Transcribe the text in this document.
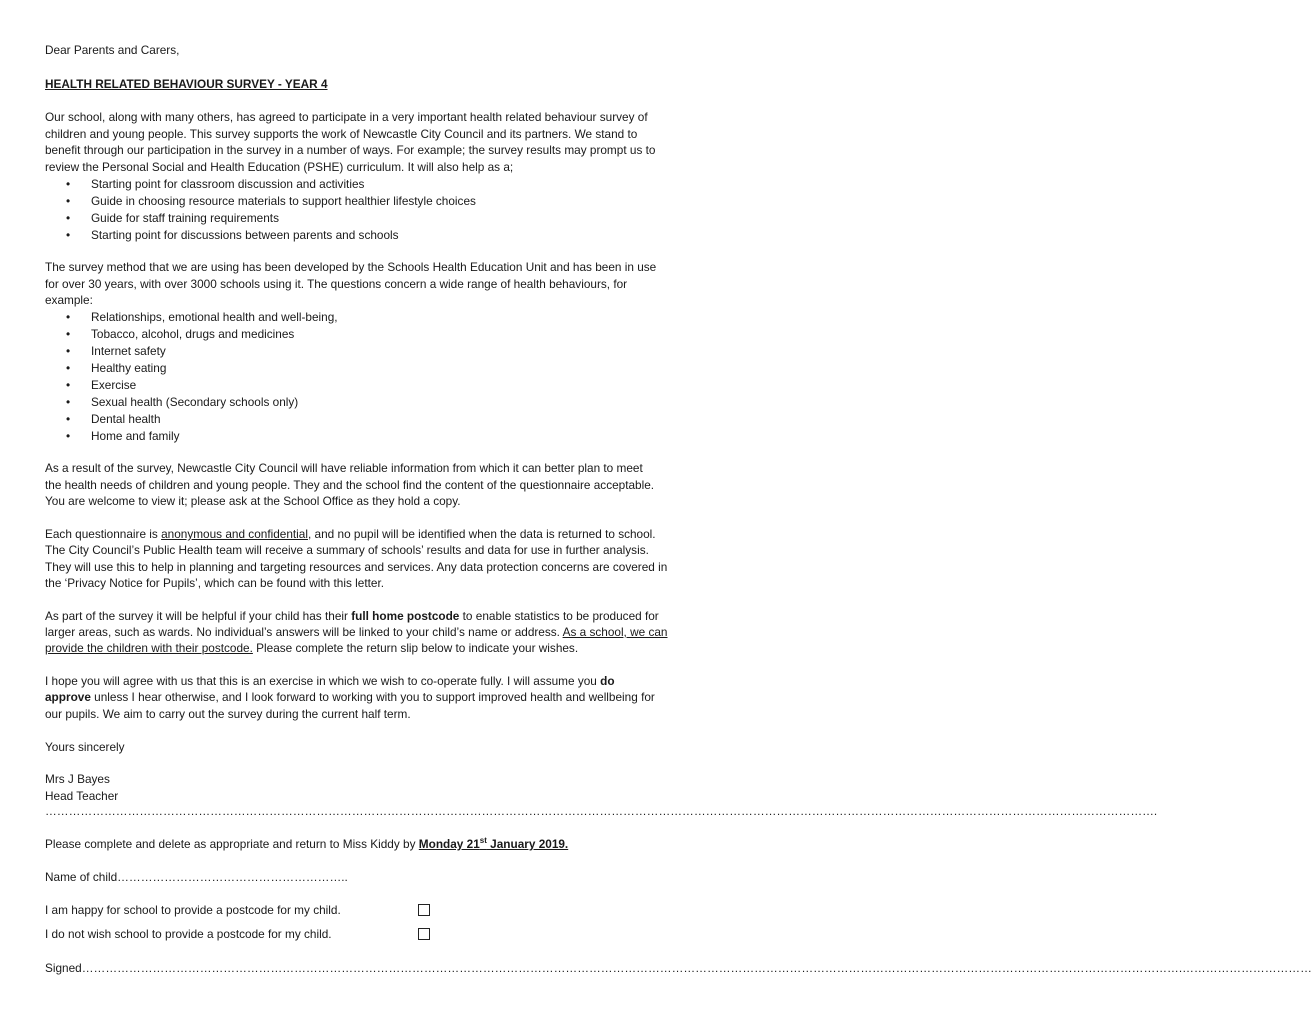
Dear Parents and Carers,
HEALTH RELATED BEHAVIOUR SURVEY - YEAR 4
Our school, along with many others, has agreed to participate in a very important health related behaviour survey of
children and young people. This survey supports the work of Newcastle City Council and its partners. We stand to
benefit through our participation in the survey in a number of ways. For example; the survey results may prompt us to
review the Personal Social and Health Education (PSHE) curriculum. It will also help as a;
•	Starting point for classroom discussion and activities
•	Guide in choosing resource materials to support healthier lifestyle choices
•	Guide for staff training requirements
•	Starting point for discussions between parents and schools
The survey method that we are using has been developed by the Schools Health Education Unit and has been in use
for over 30 years, with over 3000 schools using it. The questions concern a wide range of health behaviours, for
example:
•	Relationships, emotional health and well-being,
•	Tobacco, alcohol, drugs and medicines
•	Internet safety
•	Healthy eating
•	Exercise
•	Sexual health (Secondary schools only)
•	Dental health
•	Home and family
As a result of the survey, Newcastle City Council will have reliable information from which it can better plan to meet
the health needs of children and young people. They and the school find the content of the questionnaire acceptable.
You are welcome to view it; please ask at the School Office as they hold a copy.
Each questionnaire is anonymous and confidential, and no pupil will be identified when the data is returned to school.
The City Council’s Public Health team will receive a summary of schools’ results and data for use in further analysis.
They will use this to help in planning and targeting resources and services. Any data protection concerns are covered in
the ‘Privacy Notice for Pupils’, which can be found with this letter.
As part of the survey it will be helpful if your child has their full home postcode to enable statistics to be produced for
larger areas, such as wards. No individual’s answers will be linked to your child’s name or address. As a school, we can
provide the children with their postcode. Please complete the return slip below to indicate your wishes.
I hope you will agree with us that this is an exercise in which we wish to co-operate fully. I will assume you do
approve unless I hear otherwise, and I look forward to working with you to support improved health and wellbeing for
our pupils. We aim to carry out the survey during the current half term.
Yours sincerely
Mrs J Bayes
Head Teacher
………………………………………………………………………………………………………………………………………………………………………………………………………………………………………………………….
Please complete and delete as appropriate and return to Miss Kiddy by Monday 21st January 2019.
Name of child…………………………………………………..
I am happy for school to provide a postcode for my child.
I do not wish school to provide a postcode for my child.
Signed……………………………………………………………………………………………………………………………………………………………………………………………………………………………………………………….……………………………
